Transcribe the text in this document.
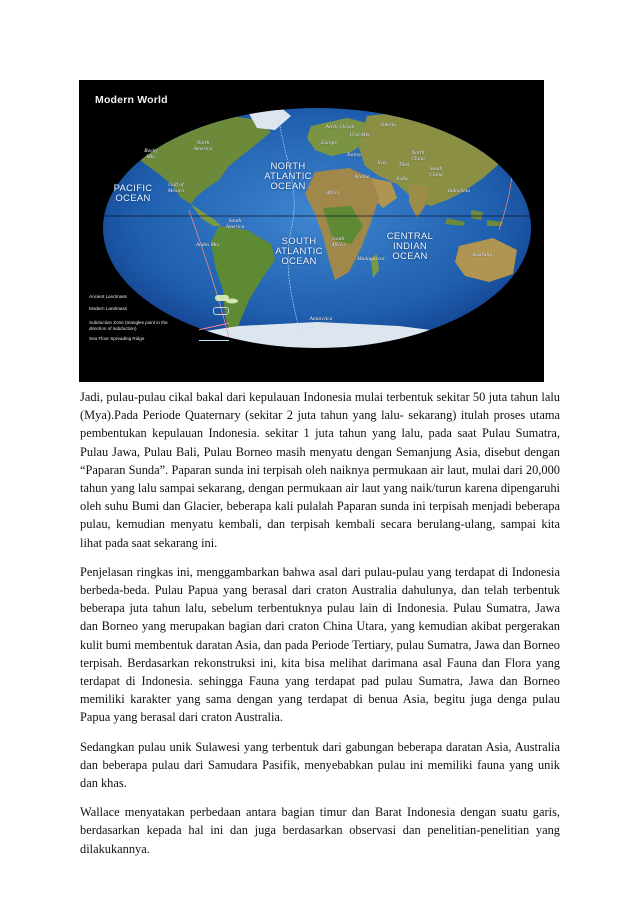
Modern World
PACIFIC OCEAN
NORTH ATLANTIC OCEAN
SOUTH ATLANTIC OCEAN
CENTRAL INDIAN OCEAN
Arctic Ocean	Siberia
Ural Mts.
Europe
North China
Rocky Mts.
North America
Turkey
Iran	Tibet
South China
Gulf of Mexico
Arabia	India
Indochina
Africa
South America
Andes Mts.
South Africa
Madagascar
Australia
Antarctica
Ancient Landmass
Modern Landmass
Subduction Zone (triangles point in the direction of subduction)
Sea Floor Spreading Ridge

Jadi, pulau-pulau cikal bakal dari kepulauan Indonesia mulai terbentuk sekitar 50 juta tahun lalu (Mya).Pada Periode Quaternary (sekitar 2 juta tahun yang lalu- sekarang) itulah proses utama pembentukan kepulauan Indonesia. sekitar 1 juta tahun yang lalu, pada saat Pulau Sumatra, Pulau Jawa, Pulau Bali, Pulau Borneo masih menyatu dengan Semanjung Asia, disebut dengan “Paparan Sunda”. Paparan sunda ini terpisah oleh naiknya permukaan air laut, mulai dari 20,000 tahun yang lalu sampai sekarang, dengan permukaan air laut yang naik/turun karena dipengaruhi oleh suhu Bumi dan Glacier, beberapa kali pulalah Paparan sunda ini terpisah menjadi beberapa pulau, kemudian menyatu kembali, dan terpisah kembali secara berulang-ulang, sampai kita lihat pada saat sekarang ini.

Penjelasan ringkas ini, menggambarkan bahwa asal dari pulau-pulau yang terdapat di Indonesia berbeda-beda. Pulau Papua yang berasal dari craton Australia dahulunya, dan telah terbentuk beberapa juta tahun lalu, sebelum terbentuknya pulau lain di Indonesia. Pulau Sumatra, Jawa dan Borneo yang merupakan bagian dari craton China Utara, yang kemudian akibat pergerakan kulit bumi membentuk daratan Asia, dan pada Periode Tertiary, pulau Sumatra, Jawa dan Borneo terpisah. Berdasarkan rekonstruksi ini, kita bisa melihat darimana asal Fauna dan Flora yang terdapat di Indonesia. sehingga Fauna yang terdapat pad pulau Sumatra, Jawa dan Borneo memiliki karakter yang sama dengan yang terdapat di benua Asia, begitu juga denga pulau Papua yang berasal dari craton Australia.

Sedangkan pulau unik Sulawesi yang terbentuk dari gabungan beberapa daratan Asia, Australia dan beberapa pulau dari Samudara Pasifik, menyebabkan pulau ini memiliki fauna yang unik dan khas.

Wallace menyatakan perbedaan antara bagian timur dan Barat Indonesia dengan suatu garis, berdasarkan kepada hal ini dan juga berdasarkan observasi dan penelitian-penelitian yang dilakukannya.
